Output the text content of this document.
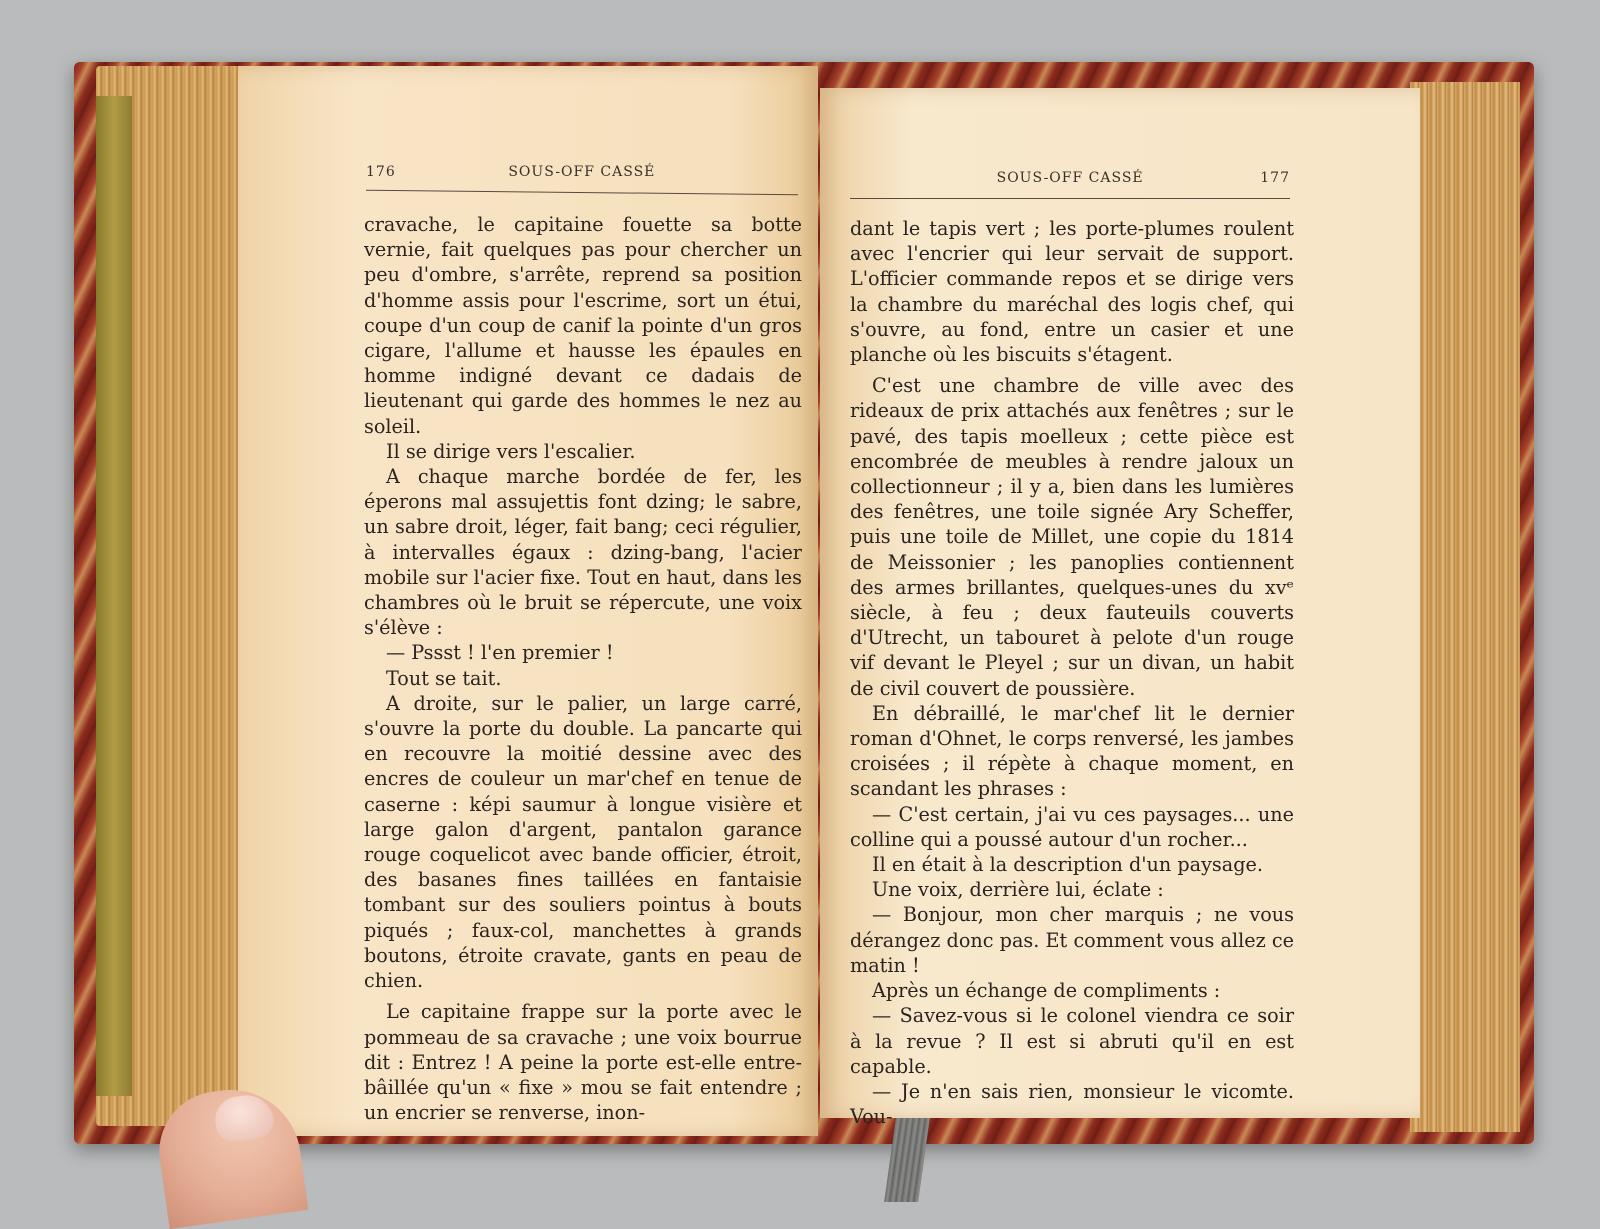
176	SOUS-OFF CASSÉ

cravache, le capitaine fouette sa botte vernie, fait quelques pas pour chercher un peu d'ombre, s'arrête, reprend sa position d'homme assis pour l'escrime, sort un étui, coupe d'un coup de canif la pointe d'un gros cigare, l'allume et hausse les épaules en homme indigné devant ce dadais de lieutenant qui garde des hommes le nez au soleil.

Il se dirige vers l'escalier.

A chaque marche bordée de fer, les éperons mal assujettis font dzing; le sabre, un sabre droit, léger, fait bang; ceci régulier, à intervalles égaux : dzing-bang, l'acier mobile sur l'acier fixe. Tout en haut, dans les chambres où le bruit se répercute, une voix s'élève :

— Pssst ! l'en premier !

Tout se tait.

A droite, sur le palier, un large carré, s'ouvre la porte du double. La pancarte qui en recouvre la moitié dessine avec des encres de couleur un mar'chef en tenue de caserne : képi saumur à longue visière et large galon d'argent, pantalon garance rouge coquelicot avec bande officier, étroit, des basanes fines taillées en fantaisie tombant sur des souliers pointus à bouts piqués ; faux-col, manchettes à grands boutons, étroite cravate, gants en peau de chien.

Le capitaine frappe sur la porte avec le pommeau de sa cravache ; une voix bourrue dit : Entrez ! A peine la porte est-elle entre-bâillée qu'un « fixe » mou se fait entendre ; un encrier se renverse, inon-

SOUS-OFF CASSÉ	177

dant le tapis vert ; les porte-plumes roulent avec l'encrier qui leur servait de support. L'officier commande repos et se dirige vers la chambre du maréchal des logis chef, qui s'ouvre, au fond, entre un casier et une planche où les biscuits s'étagent.

C'est une chambre de ville avec des rideaux de prix attachés aux fenêtres ; sur le pavé, des tapis moelleux ; cette pièce est encombrée de meubles à rendre jaloux un collectionneur ; il y a, bien dans les lumières des fenêtres, une toile signée Ary Scheffer, puis une toile de Millet, une copie du 1814 de Meissonier ; les panoplies contiennent des armes brillantes, quelques-unes du xvᵉ siècle, à feu ; deux fauteuils couverts d'Utrecht, un tabouret à pelote d'un rouge vif devant le Pleyel ; sur un divan, un habit de civil couvert de poussière.

En débraillé, le mar'chef lit le dernier roman d'Ohnet, le corps renversé, les jambes croisées ; il répète à chaque moment, en scandant les phrases :

— C'est certain, j'ai vu ces paysages... une colline qui a poussé autour d'un rocher...

Il en était à la description d'un paysage.

Une voix, derrière lui, éclate :

— Bonjour, mon cher marquis ; ne vous dérangez donc pas. Et comment vous allez ce matin !

Après un échange de compliments :

— Savez-vous si le colonel viendra ce soir à la revue ? Il est si abruti qu'il en est capable.

— Je n'en sais rien, monsieur le vicomte. Vou-
